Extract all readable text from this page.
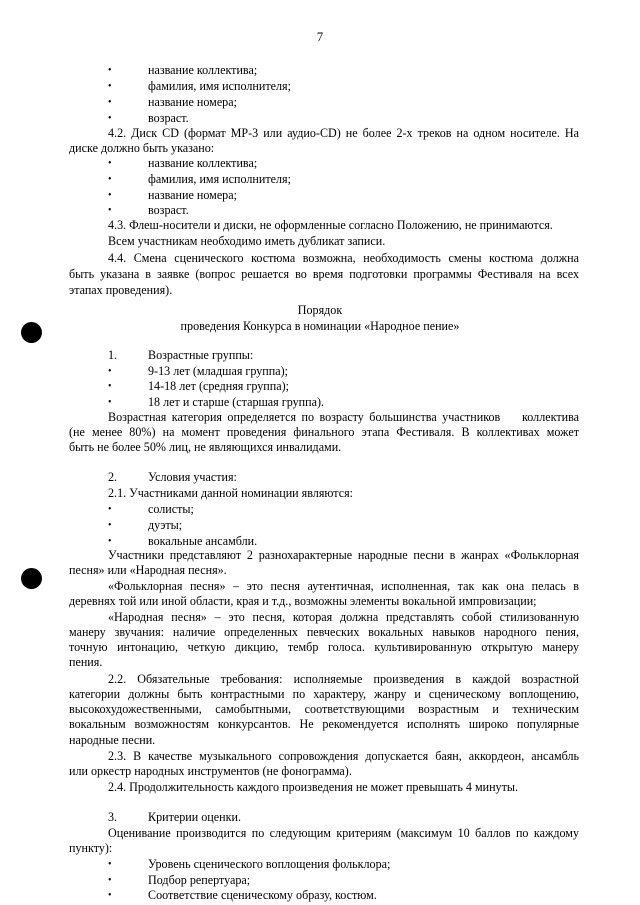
7
•	название коллектива;
•	фамилия, имя исполнителя;
•	название номера;
•	возраст.
4.2. Диск CD (формат MP-3 или аудио-CD) не более 2-х треков на одном носителе. На
диске должно быть указано:
•	название коллектива;
•	фамилия, имя исполнителя;
•	название номера;
•	возраст.
4.3. Флеш-носители и диски, не оформленные согласно Положению, не принимаются.
Всем участникам необходимо иметь дубликат записи.
4.4. Смена сценического костюма возможна, необходимость смены костюма должна
быть указана в заявке (вопрос решается во время подготовки программы Фестиваля на всех
этапах проведения).
Порядок
проведения Конкурса в номинации «Народное пение»
1.	Возрастные группы:
•	9-13 лет (младшая группа);
•	14-18 лет (средняя группа);
•	18 лет и старше (старшая группа).
Возрастная категория определяется по возрасту большинства участников    коллектива
(не менее 80%) на момент проведения финального этапа Фестиваля. В коллективах может
быть не более 50% лиц, не являющихся инвалидами.
2.	Условия участия:
2.1. Участниками данной номинации являются:
•	солисты;
•	дуэты;
•	вокальные ансамбли.
Участники представляют 2 разнохарактерные народные песни в жанрах «Фольклорная
песня» или «Народная песня».
«Фольклорная песня» – это песня аутентичная, исполненная, так как она пелась в
деревнях той или иной области, края и т.д., возможны элементы вокальной импровизации;
«Народная песня» – это песня, которая должна представлять собой стилизованную
манеру звучания: наличие определенных певческих вокальных навыков народного пения,
точную интонацию, четкую дикцию, тембр голоса. культивированную открытую манеру
пения.
2.2. Обязательные требования: исполняемые произведения в каждой возрастной
категории должны быть контрастными по характеру, жанру и сценическому воплощению,
высокохудожественными, самобытными, соответствующими возрастным и техническим
вокальным возможностям конкурсантов. Не рекомендуется исполнять широко популярные
народные песни.
2.3. В качестве музыкального сопровождения допускается баян, аккордеон, ансамбль
или оркестр народных инструментов (не фонограмма).
2.4. Продолжительность каждого произведения не может превышать 4 минуты.
3.	Критерии оценки.
Оценивание производится по следующим критериям (максимум 10 баллов по каждому
пункту):
•	Уровень сценического воплощения фольклора;
•	Подбор репертуара;
•	Соответствие сценическому образу, костюм.
